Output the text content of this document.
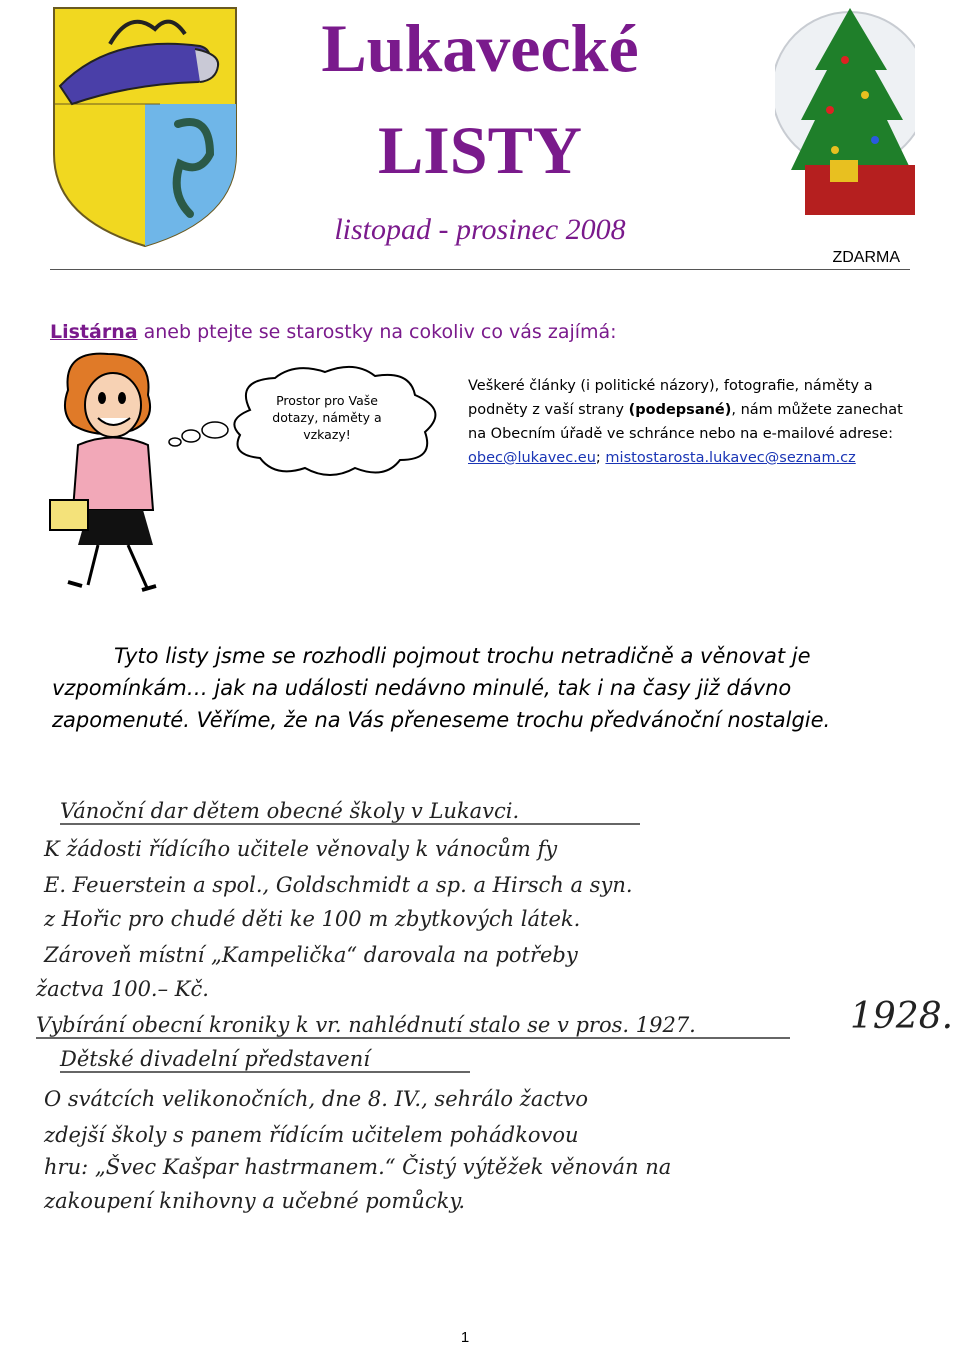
Lukavecké
LISTY
listopad - prosinec 2008
ZDARMA
Listárna aneb ptejte se starostky na cokoliv co vás zajímá:
Prostor pro Vaše dotazy, náměty a vzkazy!
Veškeré články (i politické názory), fotografie, náměty a podněty z vaší strany (podepsané), nám můžete zanechat na Obecním úřadě ve schránce nebo na e-mailové adrese: obec@lukavec.eu; mistostarosta.lukavec@seznam.cz
Tyto listy jsme se rozhodli pojmout trochu netradičně a věnovat je vzpomínkám… jak na události nedávno minulé, tak i na časy již dávno zapomenuté. Věříme, že na Vás přeneseme trochu předvánoční nostalgie.
Vánoční dar dětem obecné školy v Lukavci.
K žádosti řídícího učitele věnovaly k vánocům fy
E. Feuerstein a spol., Goldschmidt a sp. a Hirsch a syn.
z Hořic pro chudé děti ke 100 m zbytkových látek.
Zároveň místní „Kampelička“ darovala na potřeby
žactva 100.– Kč.
Vybírání obecní kroniky k vr. nahlédnutí stalo se v pros. 1927.
Dětské divadelní představení
O svátcích velikonočních, dne 8. IV., sehrálo žactvo
zdejší školy s panem řídícím učitelem pohádkovou
hru: „Švec Kašpar hastrmanem.“ Čistý výtěžek věnován na
zakoupení knihovny a učebné pomůcky.
1928.
1
